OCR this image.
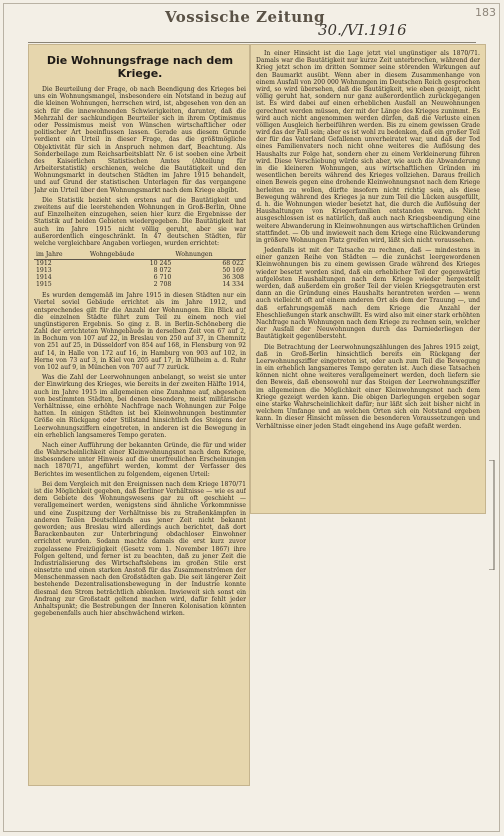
183
Vossische Zeitung
30./VI.1916
Die Wohnungsfrage nach dem Kriege.

Die Beurteilung der Frage, ob nach Beendigung des Krieges bei uns ein Wohnungsmangel, insbesondere ein Notstand in bezug auf die kleinen Wohnungen, herrschen wird, ist, abgesehen von den an sich für die innewohnenden Schwierigkeiten, darunter, daß die Mehrzahl der sachkundigen Beurteiler sich in ihrem Optimismus oder Pessimismus meist von Wünschen wirtschaftlicher oder politischer Art beeinflussen lassen. Gerade aus diesem Grunde verdient ein Urteil in dieser Frage, das die größtmögliche Objektivität für sich in Anspruch nehmen darf, Beachtung. Als Sonderbeilage zum Reichsarbeitsblatt Nr. 6 ist soeben eine Arbeit des Kaiserlichen Statistischen Amtes (Abteilung für Arbeiterstatistik) erschienen, welche die Bautätigkeit und den Wohnungsmarkt in deutschen Städten im Jahre 1915 behandelt, und auf Grund der statistischen Unterlagen für das vergangene Jahr ein Urteil über den Wohnungsmarkt nach dem Kriege abgibt.

Die Statistik bezieht sich erstens auf die Bautätigkeit und zweitens auf die leerstehenden Wohnungen in Groß-Berlin, Ohne auf Einzelheiten einzugehen, seien hier kurz die Ergebnisse der Statistik auf beiden Gebieten wiedergegeben. Die Bautätigkeit hat auch im Jahre 1915 nicht völlig geruht, aber sie war außerordentlich eingeschränkt. In 47 deutschen Städten, für welche vergleichbare Angaben vorliegen, wurden errichtet:

im Jahre	Wohngebäude	Wohnungen
1912	10 245	68 022
1913	8 072	50 169
1914	6 710	36 308
1915	2 708	14 334

Es wurden demgemäß im Jahre 1915 in diesen Städten nur ein Viertel soviel Gebäude errichtet als im Jahre 1912, und entsprechendes gilt für die Anzahl der Wohnungen. Ein Blick auf die einzelnen Städte führt zum Teil zu einem noch viel ungünstigeren Ergebnis. So ging z. B. in Berlin-Schöneberg die Zahl der errichteten Wohngebäude in derselben Zeit von 67 auf 2, in Bochum von 107 auf 22, in Breslau von 250 auf 37, in Chemnitz von 251 auf 25, in Düsseldorf von 854 auf 168, in Flensburg von 92 auf 14, in Halle von 172 auf 16, in Hamburg von 903 auf 102, in Herne von 73 auf 3, in Kiel von 205 auf 17, in Mülheim a. d. Ruhr von 102 auf 9, in München von 707 auf 77 zurück.

Was die Zahl der Leerwohnungen anbelangt, so weist sie unter der Einwirkung des Krieges, wie bereits in der zweiten Hälfte 1914, auch im Jahre 1915 im allgemeinen eine Zunahme auf, abgesehen von bestimmten Städten, bei denen besondere, meist militärische Verhältnisse, eine erhöhte Nachfrage nach Wohnungen zur Folge hatten. In einigen Städten ist bei Kleinwohnungen bestimmter Größe ein Rückgang oder Stillstand hinsichtlich des Steigens der Leerwohnungsziffern eingetreten, in anderen ist die Bewegung in ein erheblich langsameres Tempo geraten.

Nach einer Aufführung der bekannten Gründe, die für und wider die Wahrscheinlichkeit einer Kleinwohnungsnot nach dem Kriege, insbesondere unter Hinweis auf die unerfreulichen Erscheinungen nach 1870/71, angeführt werden, kommt der Verfasser des Berichtes im wesentlichen zu folgendem, eigenen Urteil:

Bei dem Vergleich mit den Ereignissen nach dem Kriege 1870/71 ist die Möglichkeit gegeben, daß Berliner Verhältnisse — wie es auf dem Gebiete des Wohnungswesens gar zu oft geschieht — verallgemeinert werden, wenigstens sind ähnliche Vorkommnisse und eine Zuspitzung der Verhältnisse bis zu Straßenkämpfen in anderen Teilen Deutschlands aus jener Zeit nicht bekannt geworden; aus Breslau wird allerdings auch berichtet, daß dort Barackenbauten zur Unterbringung obdachloser Einwohner errichtet wurden. Sodann machte damals die erst kurz zuvor zugelassene Freizügigkeit (Gesetz vom 1. November 1867) ihre Folgen geltend, und ferner ist zu beachten, daß zu jener Zeit die Industrialisierung des Wirtschaftslebens im großen Stile erst einsetzte und einen starken Anstoß für das Zusammenströmen der Menschenmassen nach den Großstädten gab. Die seit längerer Zeit bestehende Dezentralisationsbewegung in der Industrie konnte diesmal den Strom beträchtlich ablenken. Inwieweit sich sonst ein Andrang zur Großstadt geltend machen wird, dafür fehlt jeder Anhaltspunkt; die Bestrebungen der Inneren Kolonisation könnten gegebenenfalls auch hier abschwächend wirken.

In einer Hinsicht ist die Lage jetzt viel ungünstiger als 1870/71. Damals war die Bautätigkeit nur kurze Zeit unterbrochen, während der Krieg jetzt schon im dritten Sommer seine störenden Wirkungen auf den Baumarkt ausübt. Wenn aber in diesem Zusammenhange von einem Ausfall von 200 000 Wohnungen im Deutschen Reich gesprochen wird, so wird übersehen, daß die Bautätigkeit, wie eben gezeigt, nicht völlig geruht hat, sondern nur ganz außerordentlich zurückgegangen ist. Es wird dabei auf einen erheblichen Ausfall an Neuwohnungen gerechnet werden müssen, der mit der Länge des Krieges zunimmt. Es wird auch nicht angenommen werden dürfen, daß die Verluste einen völligen Ausgleich herbeiführen werden. Bis zu einem gewissen Grade wird das der Fall sein; aber es ist wohl zu bedenken, daß ein großer Teil der für das Vaterland Gefallenen unverheiratet war, und daß der Tod eines Familienvaters noch nicht ohne weiteres die Auflösung des Haushalts zur Folge hat, sondern eher zu einem Verkleinerung führen wird. Diese Verschiebung würde sich aber, wie auch die Abwanderung in die kleineren Wohnungen, aus wirtschaftlichen Gründen im wesentlichen bereits während des Krieges vollziehen. Daraus freilich einen Beweis gegen eine drohende Kleinwohnungsnot nach dem Kriege herleiten zu wollen, dürfte insofern nicht richtig sein, als diese Bewegung während des Krieges ja nur zum Teil die Lücken ausgefüllt, d. h. die Wohnungen wieder besetzt hat, die durch die Auflösung der Haushaltungen von Kriegerfamilien entstanden waren. Nicht ausgeschlossen ist es natürlich, daß auch nach Kriegsbeendigung eine weitere Abwanderung in Kleinwohnungen aus wirtschaftlichen Gründen stattfindet. — Ob und inwieweit nach dem Kriege eine Rückwanderung in größere Wohnungen Platz greifen wird, läßt sich nicht voraussehen.

Jedenfalls ist mit der Tatsache zu rechnen, daß — mindestens in einer ganzen Reihe von Städten — die zunächst leergewordenen Kleinwohnungen bis zu einem gewissen Grade während des Krieges wieder besetzt worden sind, daß ein erheblicher Teil der gegenwärtig aufgelösten Haushaltungen nach dem Kriege wieder hergestellt werden, daß außerdem ein großer Teil der vielen Kriegsgetrauten erst dann an die Gründung eines Haushalts herantreten werden — wenn auch vielleicht oft auf einem anderen Ort als dem der Trauung —, und daß erfahrungsgemäß nach dem Kriege die Anzahl der Eheschließungen stark anschwillt. Es wird also mit einer stark erhöhten Nachfrage nach Wohnungen nach dem Kriege zu rechnen sein, welcher der Ausfall der Neuwohnungen durch das Darniederliegen der Bautätigkeit gegenübersteht.

Die Betrachtung der Leerwohnungszählungen des Jahres 1915 zeigt, daß in Groß-Berlin hinsichtlich bereits ein Rückgang der Leerwohnungsziffer eingetreten ist, oder auch zum Teil die Bewegung in ein erheblich langsameres Tempo geraten ist. Auch diese Tatsachen können nicht ohne weiteres verallgemeinert werden, doch liefern sie den Beweis, daß ebensowohl nur das Steigen der Leerwohnungsziffer im allgemeinen die Möglichkeit einer Kleinwohnungsnot nach dem Kriege gezeigt werden kann. Die obigen Darlegungen ergeben sogar eine starke Wahrscheinlichkeit dafür; nur läßt sich zeit bisher nicht in welchem Umfange und an welchen Orten sich ein Notstand ergeben kann. In dieser Hinsicht müssen die besonderen Voraussetzungen und Verhältnisse einer jeden Stadt eingehend ins Auge gefaßt werden.
